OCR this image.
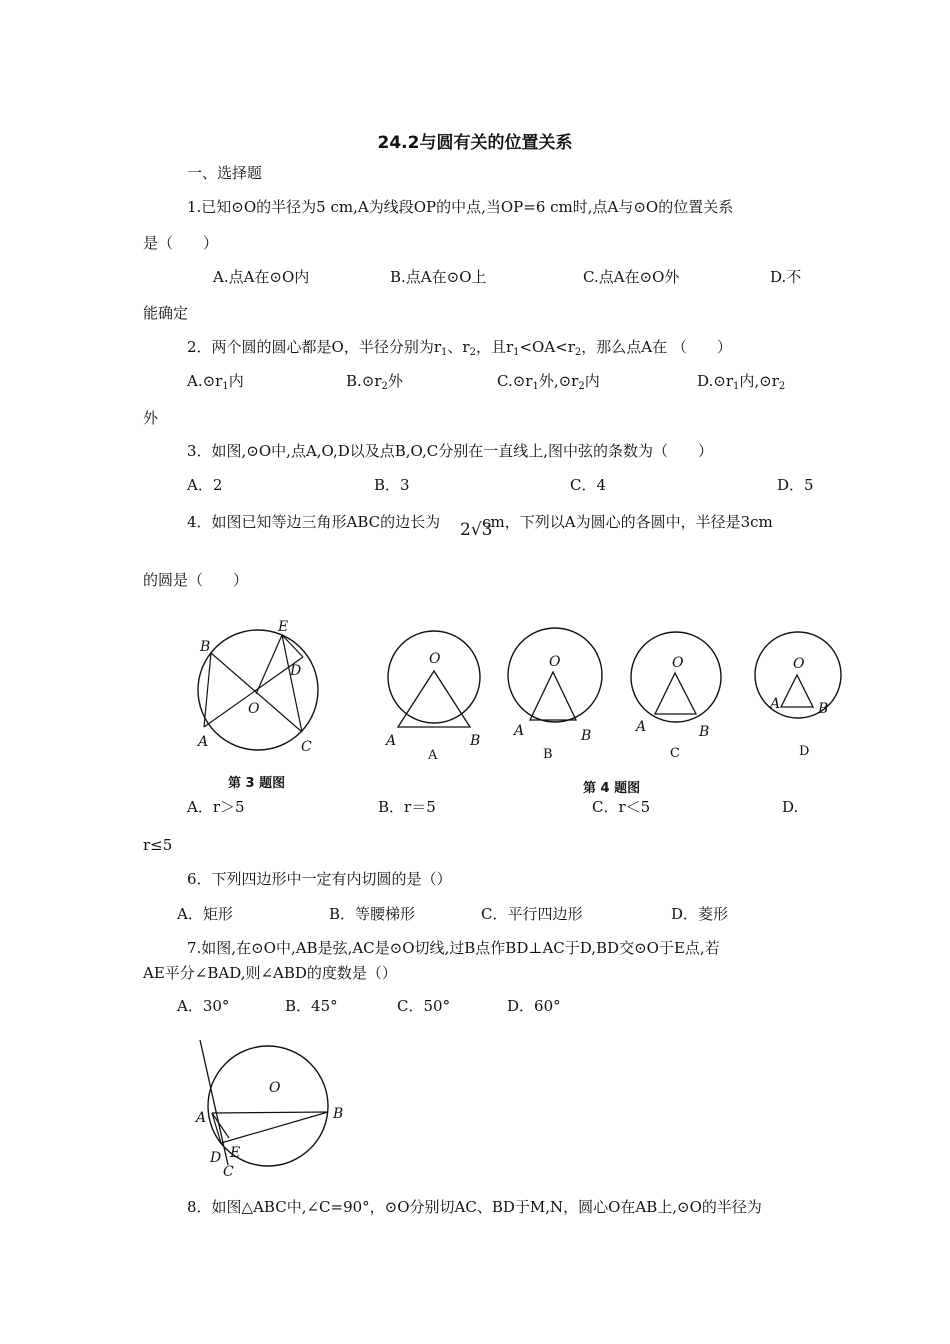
24.2与圆有关的位置关系
一、选择题
1.已知⊙O的半径为5 cm,A为线段OP的中点,当OP=6 cm时,点A与⊙O的位置关系
是（　　）
A.点A在⊙O内	B.点A在⊙O上	C.点A在⊙O外	D.不
能确定
2．两个圆的圆心都是O，半径分别为$r_1$、$r_2$，且$r_1<OA<r_2$，那么点A在 （　　）
$A.⊙r_1$内	$B.⊙r_2$外	$C.⊙r_1$外$,⊙r_2$内	$D.⊙r_1$内$,⊙r_2$
外
3．如图,⊙O中,点A,O,D以及点B,O,C分别在一直线上,图中弦的条数为（　　）
A．2	B．3	C．4	D．5
4．如图已知等边三角形ABC的边长为	cm，下列以A为圆心的各圆中，半径是3cm
2√3
的圆是（　　）
B
E
D
O
A	C
第 3 题图
O
A	B
A
O
A	B
B
O
A	B
C
O
A	B
D
第 4 题图
A．r＞5	B．r＝5	C．r＜5	D.
r≤5
6．下列四边形中一定有内切圆的是（）
A．矩形	B．等腰梯形	C．平行四边形	D．菱形
7.如图,在⊙O中,AB是弦,AC是⊙O切线,过B点作BD⊥AC于D,BD交⊙O于E点,若
AE平分∠BAD,则∠ABD的度数是（）
A．30°	B．45°	C．50°	D．60°
O
A	B
D E
C
8．如图△ABC中,∠C=90°，⊙O分别切AC、BD于M,N，圆心O在AB上,⊙O的半径为
